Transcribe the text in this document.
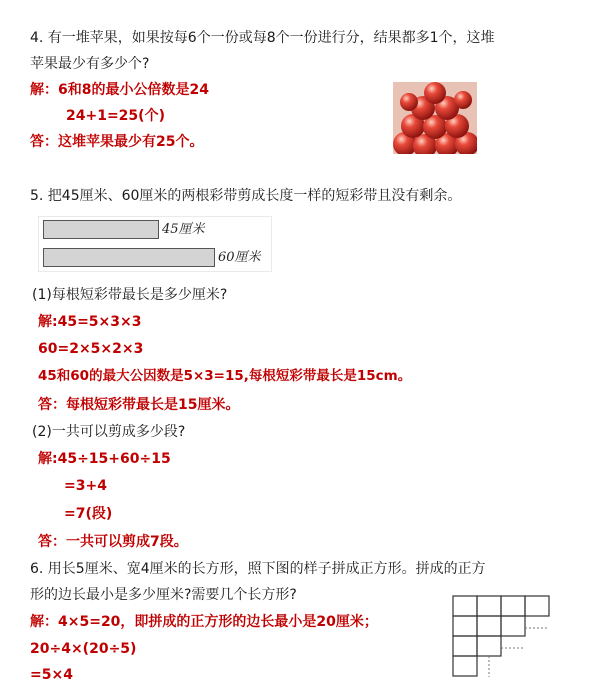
4. 有一堆苹果，如果按每6个一份或每8个一份进行分，结果都多1个，这堆
苹果最少有多少个?
解：6和8的最小公倍数是24
24+1=25(个)
答：这堆苹果最少有25个。
5. 把45厘米、60厘米的两根彩带剪成长度一样的短彩带且没有剩余。
45厘米
60厘米
(1)每根短彩带最长是多少厘米?
解:45=5×3×3
60=2×5×2×3
45和60的最大公因数是5×3=15,每根短彩带最长是15cm。
答：每根短彩带最长是15厘米。
(2)一共可以剪成多少段?
解:45÷15+60÷15
=3+4
=7(段)
答：一共可以剪成7段。
6. 用长5厘米、宽4厘米的长方形，照下图的样子拼成正方形。拼成的正方
形的边长最小是多少厘米?需要几个长方形?
解：4×5=20，即拼成的正方形的边长最小是20厘米；
20÷4×(20÷5)
=5×4
